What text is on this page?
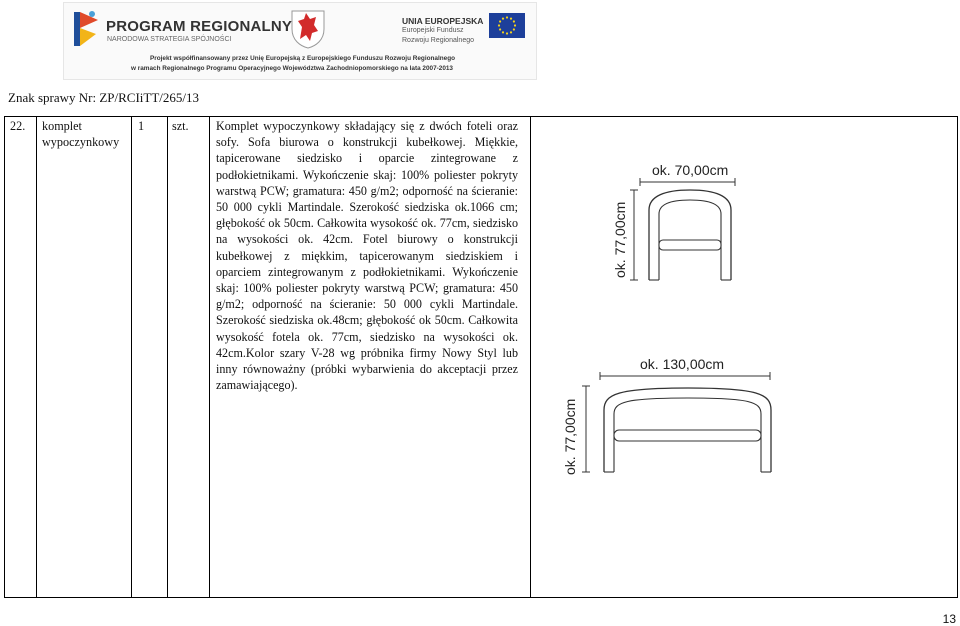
PROGRAM REGIONALNY
NARODOWA STRATEGIA SPÓJNOŚCI
UNIA EUROPEJSKA
Europejski Fundusz
Rozwoju Regionalnego
Projekt współfinansowany przez Unię Europejską z Europejskiego Funduszu Rozwoju Regionalnego
w ramach Regionalnego Programu Operacyjnego Województwa Zachodniopomorskiego na lata 2007-2013
Znak sprawy Nr: ZP/RCIiTT/265/13
22. komplet wypoczynkowy
1 szt. Komplet wypoczynkowy składający się z dwóch foteli oraz sofy. Sofa biurowa o konstrukcji kubełkowej. Miękkie, tapicerowane siedzisko i oparcie zintegrowane z podłokietnikami. Wykończenie skaj: 100% poliester pokryty warstwą PCW; gramatura: 450 g/m2; odporność na ścieranie: 50 000 cykli Martindale. Szerokość siedziska ok.1066 cm; głębokość ok 50cm. Całkowita wysokość ok. 77cm, siedzisko na wysokości ok. 42cm. Fotel biurowy o konstrukcji kubełkowej z miękkim, tapicerowanym siedziskiem i oparciem zintegrowanym z podłokietnikami. Wykończenie skaj: 100% poliester pokryty warstwą PCW; gramatura: 450 g/m2; odporność na ścieranie: 50 000 cykli Martindale. Szerokość siedziska ok.48cm; głębokość ok 50cm. Całkowita wysokość fotela ok. 77cm, siedzisko na wysokości ok. 42cm.Kolor szary V-28 wg próbnika firmy Nowy Styl lub inny równoważny (próbki wybarwienia do akceptacji przez zamawiającego).
ok. 70,00cm
ok. 77,00cm
ok. 130,00cm
ok. 77,00cm
13
